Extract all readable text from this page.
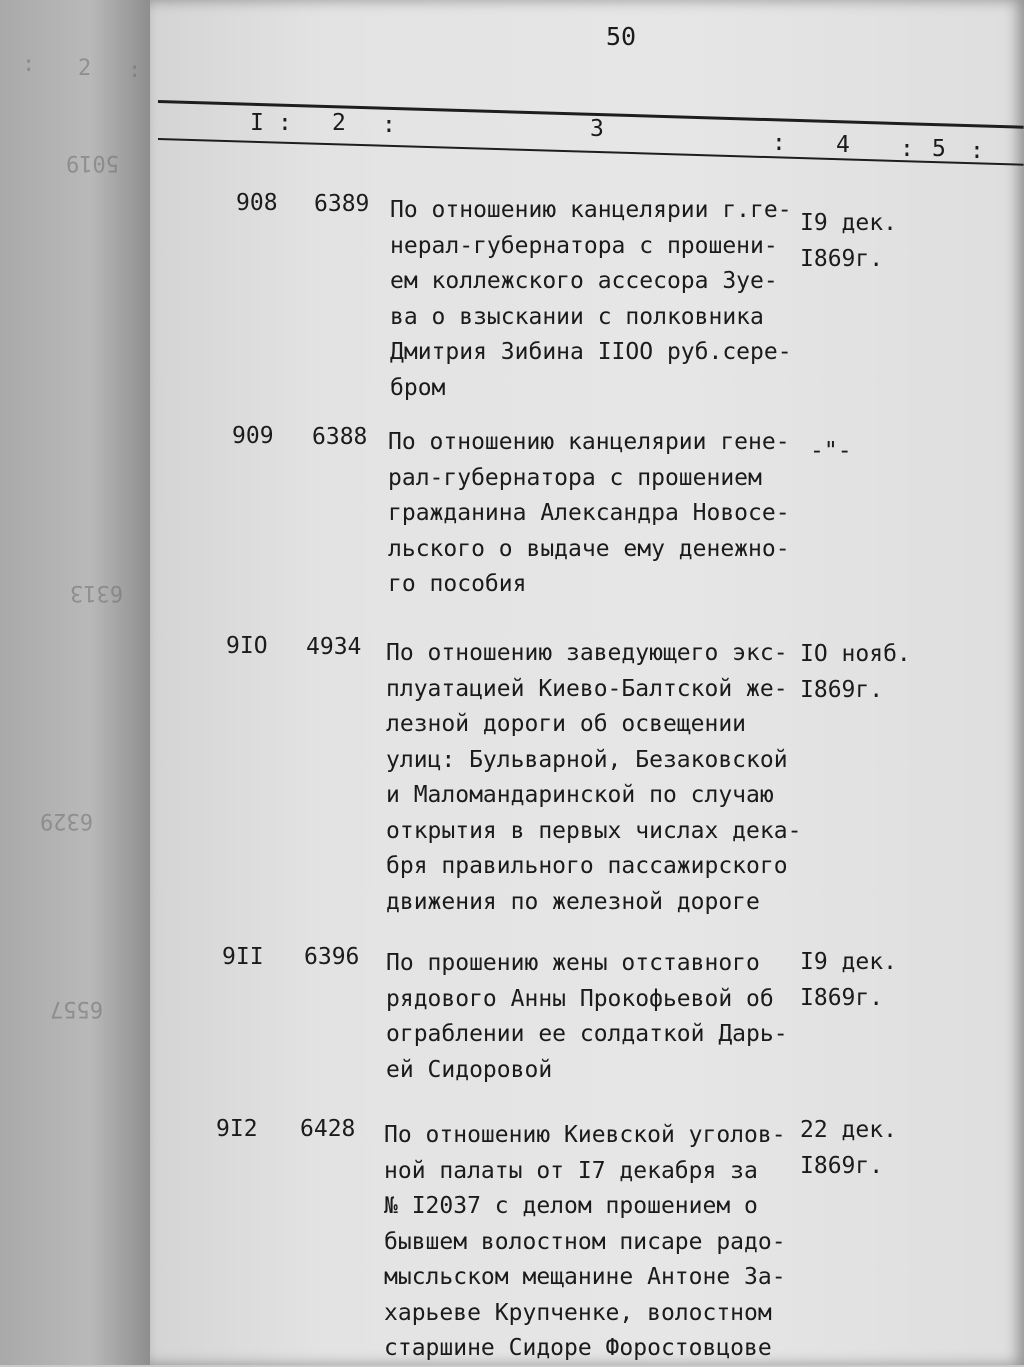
: 2 :
5019
6313
6329
6557
50
I : 2 :	3
: 4 : 5 :
908 6389 По отношению канцелярии г.ге-
нерал-губернатора с прошени-
ем коллежского ассесора Зуе-
ва о взыскании с полковника
Дмитрия Зибина IIOO руб.сере-
бром
I9 дек.
I869г.
909 6388 По отношению канцелярии гене-
рал-губернатора с прошением
гражданина Александра Новосе-
льского о выдаче ему денежно-
го пособия
-"-
9IO 4934 По отношению заведующего экс-
плуатацией Киево-Балтской же-
лезной дороги об освещении
улиц: Бульварной, Безаковской
и Маломандаринской по случаю
открытия в первых числах дека-
бря правильного пассажирского
движения по железной дороге
IO нояб.
I869г.
9II 6396 По прошению жены отставного
рядового Анны Прокофьевой об
ограблении ее солдаткой Дарь-
ей Сидоровой
I9 дек.
I869г.
9I2 6428 По отношению Киевской уголов-
ной палаты от I7 декабря за
№ I2037 с делом прошением о
бывшем волостном писаре радо-
мысльском мещанине Антоне За-
харьеве Крупченке, волостном
старшине Сидоре Форостовцове
22 дек.
I869г.
